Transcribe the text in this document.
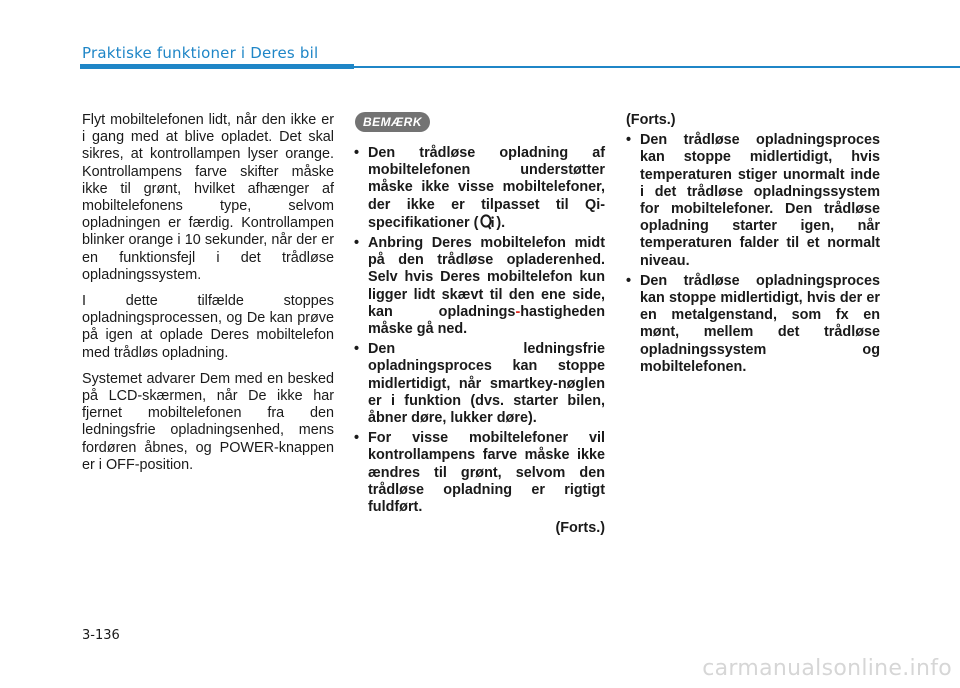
Praktiske funktioner i Deres bil

Flyt mobiltelefonen lidt, når den ikke er i gang med at blive opladet. Det skal sikres, at kontrollampen lyser orange. Kontrollampens farve skifter måske ikke til grønt, hvilket afhænger af mobiltelefonens type, selvom opladningen er færdig. Kontrollampen blinker orange i 10 sekunder, når der er en funktionsfejl i det trådløse opladningssystem.

I dette tilfælde stoppes opladningsprocessen, og De kan prøve på igen at oplade Deres mobiltelefon med trådløs opladning.

Systemet advarer Dem med en besked på LCD-skærmen, når De ikke har fjernet mobiltelefonen fra den ledningsfrie opladningsenhed, mens fordøren åbnes, og POWER-knappen er i OFF-position.

BEMÆRK
• Den trådløse opladning af mobiltelefonen understøtter måske ikke visse mobiltelefoner, der ikke er tilpasset til Qi-specifikationer ( ).
• Anbring Deres mobiltelefon midt på den trådløse opladerenhed. Selv hvis Deres mobiltelefon kun ligger lidt skævt til den ene side, kan opladnings-hastigheden måske gå ned.
• Den ledningsfrie opladningsproces kan stoppe midlertidigt, når smartkey-nøglen er i funktion (dvs. starter bilen, åbner døre, lukker døre).
• For visse mobiltelefoner vil kontrollampens farve måske ikke ændres til grønt, selvom den trådløse opladning er rigtigt fuldført.
(Forts.)
(Forts.)
• Den trådløse opladningsproces kan stoppe midlertidigt, hvis temperaturen stiger unormalt inde i det trådløse opladningssystem for mobiltelefoner. Den trådløse opladning starter igen, når temperaturen falder til et normalt niveau.
• Den trådløse opladningsproces kan stoppe midlertidigt, hvis der er en metalgenstand, som fx en mønt, mellem det trådløse opladningssystem og mobiltelefonen.
3-136
carmanualsonline.info
